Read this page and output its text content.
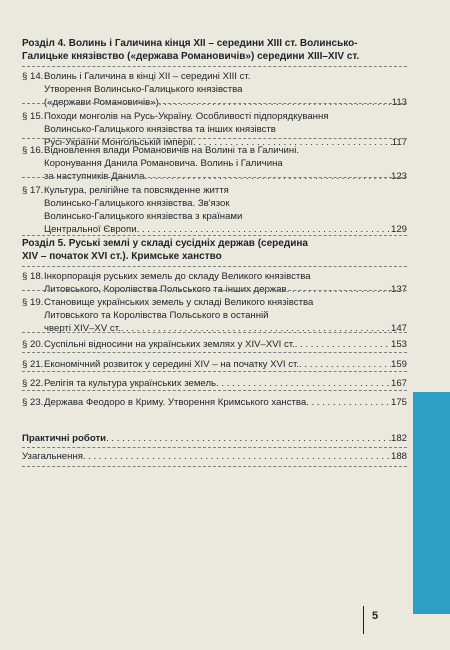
Розділ 4. Волинь і Галичина кінця XII – середини XIII ст. Волинсько-
Галицьке князівство («держава Романовичів») середини XIII–XIV ст.
§ 14. Волинь і Галичина в кінці XII – середині XIII ст.
Утворення Волинсько-Галицького князівства
(«держави Романовичів») . . .	113
§ 15. Походи монголів на Русь-Україну. Особливості підпорядкування
Волинсько-Галицького князівства та інших князівств
Русі-України Монгольській імперії . . .	117
§ 16. Відновлення влади Романовичів на Волині та в Галичині.
Коронування Данила Романовича. Волинь і Галичина
за наступників Данила . . .	123
§ 17. Культура, релігійне та повсякденне життя
Волинсько-Галицького князівства. Зв'язок
Волинсько-Галицького князівства з країнами
Центральної Європи . . .	129
Розділ 5. Руські землі у складі сусідніх держав (середина
XIV – початок XVI ст.). Кримське ханство
§ 18. Інкорпорація руських земель до складу Великого князівства
Литовського, Королівства Польського та інших держав . . .	137
§ 19. Становище українських земель у складі Великого князівства
Литовського та Королівства Польського в останній
чверті XIV–XV ст. . . .	147
§ 20. Суспільні відносини на українських землях у XIV–XVI ст. . . .	153
§ 21. Економічний розвиток у середині XIV – на початку XVI ст. . . .	159
§ 22. Релігія та культура українських земель . . .	167
§ 23. Держава Феодоро в Криму. Утворення Кримського ханства . . .	175
Практичні роботи . . .	182
Узагальнення . . .	188
5
